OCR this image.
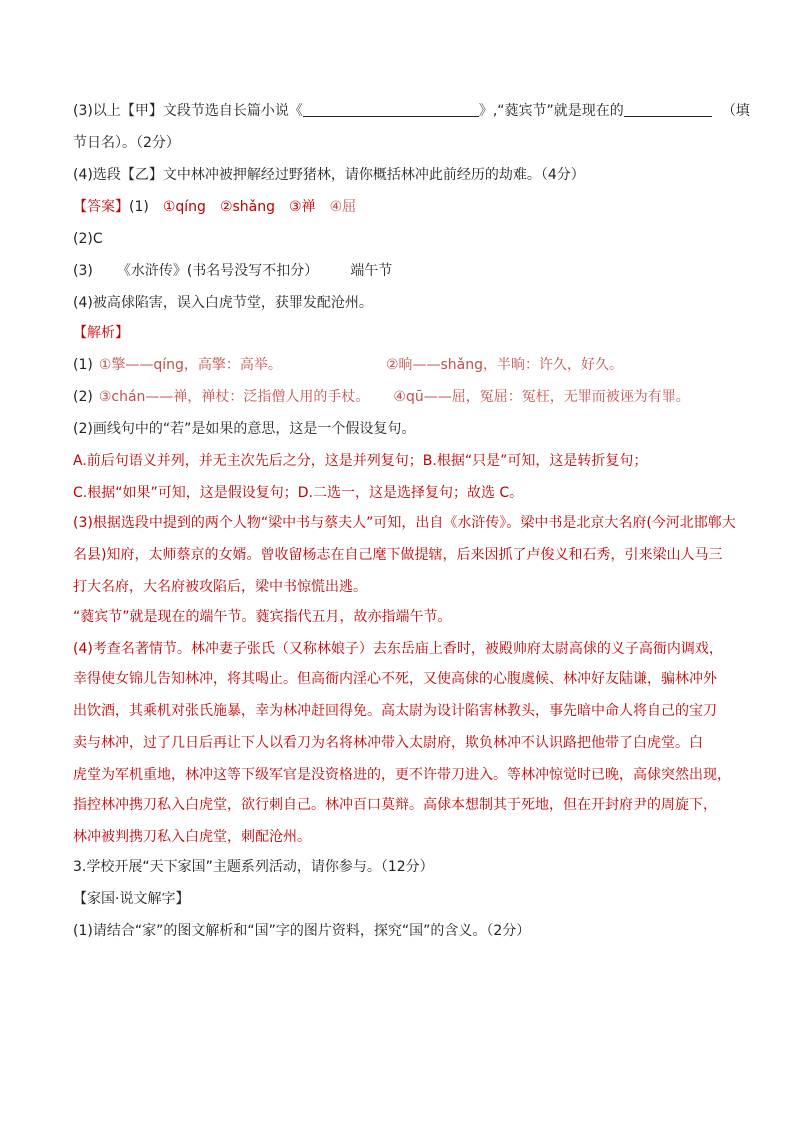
(3)以上【甲】文段节选自长篇小说《	》,“蕤宾节”就是现在的	（填
节日名）。（2分）
(4)选段【乙】文中林冲被押解经过野猪林，请你概括林冲此前经历的劫难。（4分）
【答案】(1) ①qíng ②shǎng ③禅 ④屈
(2)C
(3) 《水浒传》(书名号没写不扣分） 端午节
(4)被高俅陷害，误入白虎节堂，获罪发配沧州。
【解析】
(1) ①擎——qíng，高擎：高举。	②晌——shǎng，半晌：许久，好久。
(2) ③chán——禅，禅杖：泛指僧人用的手杖。 ④qū——屈，冤屈：冤枉，无罪而被诬为有罪。
(2)画线句中的“若”是如果的意思，这是一个假设复句。
A.前后句语义并列，并无主次先后之分，这是并列复句；B.根据“只是”可知，这是转折复句；
C.根据“如果”可知，这是假设复句；D.二选一，这是选择复句；故选 C。
(3)根据选段中提到的两个人物“梁中书与蔡夫人”可知，出自《水浒传》。梁中书是北京大名府(今河北邯郸大
名县)知府，太师蔡京的女婿。曾收留杨志在自己麾下做提辖，后来因抓了卢俊义和石秀，引来梁山人马三
打大名府，大名府被攻陷后，梁中书惊慌出逃。
“蕤宾节”就是现在的端午节。蕤宾指代五月，故亦指端午节。
(4)考查名著情节。林冲妻子张氏（又称林娘子）去东岳庙上香时，被殿帅府太尉高俅的义子高衙内调戏，
幸得使女锦儿告知林冲，将其喝止。但高衙内淫心不死，又使高俅的心腹虞候、林冲好友陆谦，骗林冲外
出饮酒，其乘机对张氏施暴，幸为林冲赶回得免。高太尉为设计陷害林教头，事先暗中命人将自己的宝刀
卖与林冲，过了几日后再让下人以看刀为名将林冲带入太尉府，欺负林冲不认识路把他带了白虎堂。白
虎堂为军机重地，林冲这等下级军官是没资格进的，更不许带刀进入。等林冲惊觉时已晚，高俅突然出现，
指控林冲携刀私入白虎堂，欲行刺自己。林冲百口莫辩。高俅本想制其于死地，但在开封府尹的周旋下，
林冲被判携刀私入白虎堂，刺配沧州。
3.学校开展“天下家国”主题系列活动，请你参与。（12分）
【家国·说文解字】
(1)请结合“家”的图文解析和“国”字的图片资料，探究“国”的含义。（2分）
